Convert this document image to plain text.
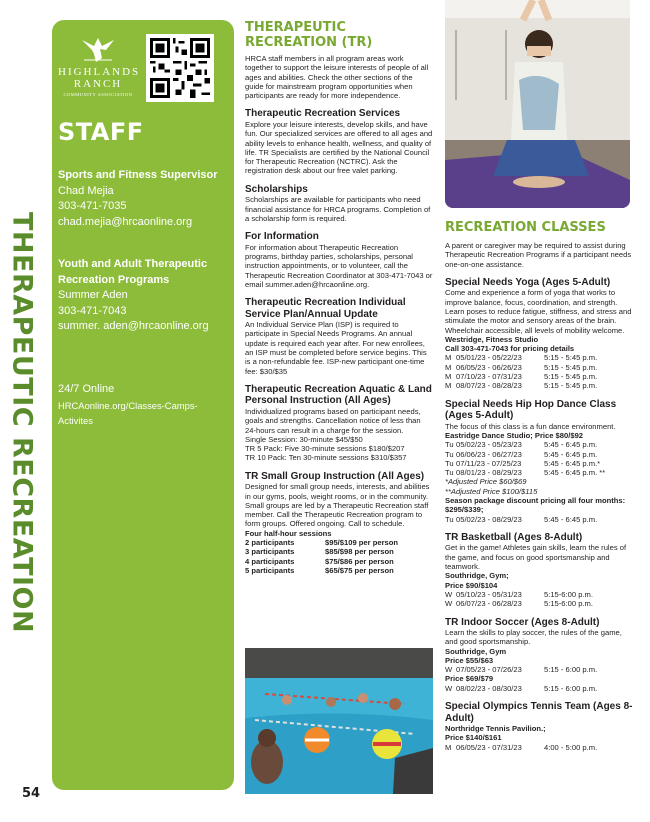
THERAPEUTIC RECREATION
54
HIGHLANDS RANCH
COMMUNITY ASSOCIATION
STAFF
Sports and Fitness Supervisor
Chad Mejia
303-471-7035
chad.mejia@hrcaonline.org
Youth and Adult Therapeutic Recreation Programs
Summer Aden
303-471-7043
summer. aden@hrcaonline.org
24/7 Online
HRCAonline.org/Classes-Camps-Activites
THERAPEUTIC RECREATION (TR)

HRCA staff members in all program areas work together to support the leisure interests of people of all ages and abilities. Check the other sections of the guide for mainstream program opportunities when participants are ready for more independence.

Therapeutic Recreation Services

Explore your leisure interests, develop skills, and have fun. Our specialized services are offered to all ages and ability levels to enhance health, wellness, and quality of life. TR Specialists are certified by the National Council for Therapeutic Recreation (NCTRC). Ask the registration desk about our free valet parking.

Scholarships

Scholarships are available for participants who need financial assistance for HRCA programs. Completion of a scholarship form is required.

For Information

For information about Therapeutic Recreation programs, birthday parties, scholarships, personal instruction appointments, or to volunteer, call the Therapeutic Recreation Coordinator at 303-471-7043 or email summer.aden@hrcaonline.org.

Therapeutic Recreation Individual Service Plan/Annual Update

An Individual Service Plan (ISP) is required to participate in Special Needs Programs. An annual update is required each year after. For new enrollees, an ISP must be completed before service begins. This is a non-refundable fee. ISP-new participant one-time fee: $30/$35

Therapeutic Recreation Aquatic & Land Personal Instruction (All Ages)

Individualized programs based on participant needs, goals and strengths. Cancellation notice of less than 24-hours can result in a charge for the session.

Single Session: 30-minute $45/$50

TR 5 Pack: Five 30-minute sessions $180/$207

TR 10 Pack: Ten 30-minute sessions $310/$357

TR Small Group Instruction (All Ages)

Designed for small group needs, interests, and abilities in our gyms, pools, weight rooms, or in the community. Small groups are led by a Therapeutic Recreation staff member. Call the Therapeutic Recreation program to form groups. Offered ongoing. Call to schedule.

Four half-hour sessions

2 participants	$95/$109 per person
3 participants	$85/$98 per person
4 participants	$75/$86 per person
5 participants	$65/$75 per person
RECREATION CLASSES

A parent or caregiver may be required to assist during Therapeutic Recreation Programs if a participant needs one-on-one assistance.

Special Needs Yoga (Ages 5-Adult)

Come and experience a form of yoga that works to improve balance, focus, coordination, and strength. Learn poses to reduce fatigue, stiffness, and stress and stimulate the motor and sensory areas of the brain. Wheelchair accessible, all levels of mobility welcome.

Westridge, Fitness Studio

Call 303-471-7043 for pricing details

M 05/01/23 - 05/22/23	5:15 - 5:45 p.m.
M 06/05/23 - 06/26/23	5:15 - 5:45 p.m.
M 07/10/23 - 07/31/23	5:15 - 5:45 p.m.
M 08/07/23 - 08/28/23	5:15 - 5:45 p.m.
Special Needs Hip Hop Dance Class (Ages 5-Adult)

The focus of this class is a fun dance environment.

Eastridge Dance Studio; Price $80/$92

Tu 05/02/23 - 05/23/23	5:45 - 6:45 p.m.
Tu 06/06/23 - 06/27/23	5:45 - 6:45 p.m.
Tu 07/11/23 - 07/25/23	5:45 - 6:45 p.m.*
Tu 08/01/23 - 08/29/23	5:45 - 6:45 p.m. **

*Adjusted Price $60/$69

**Adjusted Price $100/$115

Season package discount pricing all four months: $295/$339;

Tu 05/02/23 - 08/29/23	5:45 - 6:45 p.m.
TR Basketball (Ages 8-Adult)

Get in the game! Athletes gain skills, learn the rules of the game, and focus on good sportsmanship and teamwork.

Southridge, Gym;

Price $90/$104

W 05/10/23 - 05/31/23	5:15-6:00 p.m.
W 06/07/23 - 06/28/23	5:15-6:00 p.m.
TR Indoor Soccer (Ages 8-Adult)

Learn the skills to play soccer, the rules of the game, and good sportsmanship.

Southridge, Gym

Price $55/$63

W 07/05/23 - 07/26/23	5:15 - 6:00 p.m.

Price $69/$79

W 08/02/23 - 08/30/23	5:15 - 6:00 p.m.
Special Olympics Tennis Team (Ages 8-Adult)

Northridge Tennis Pavilion.;

Price $140/$161

M 06/05/23 - 07/31/23	4:00 - 5:00 p.m.
